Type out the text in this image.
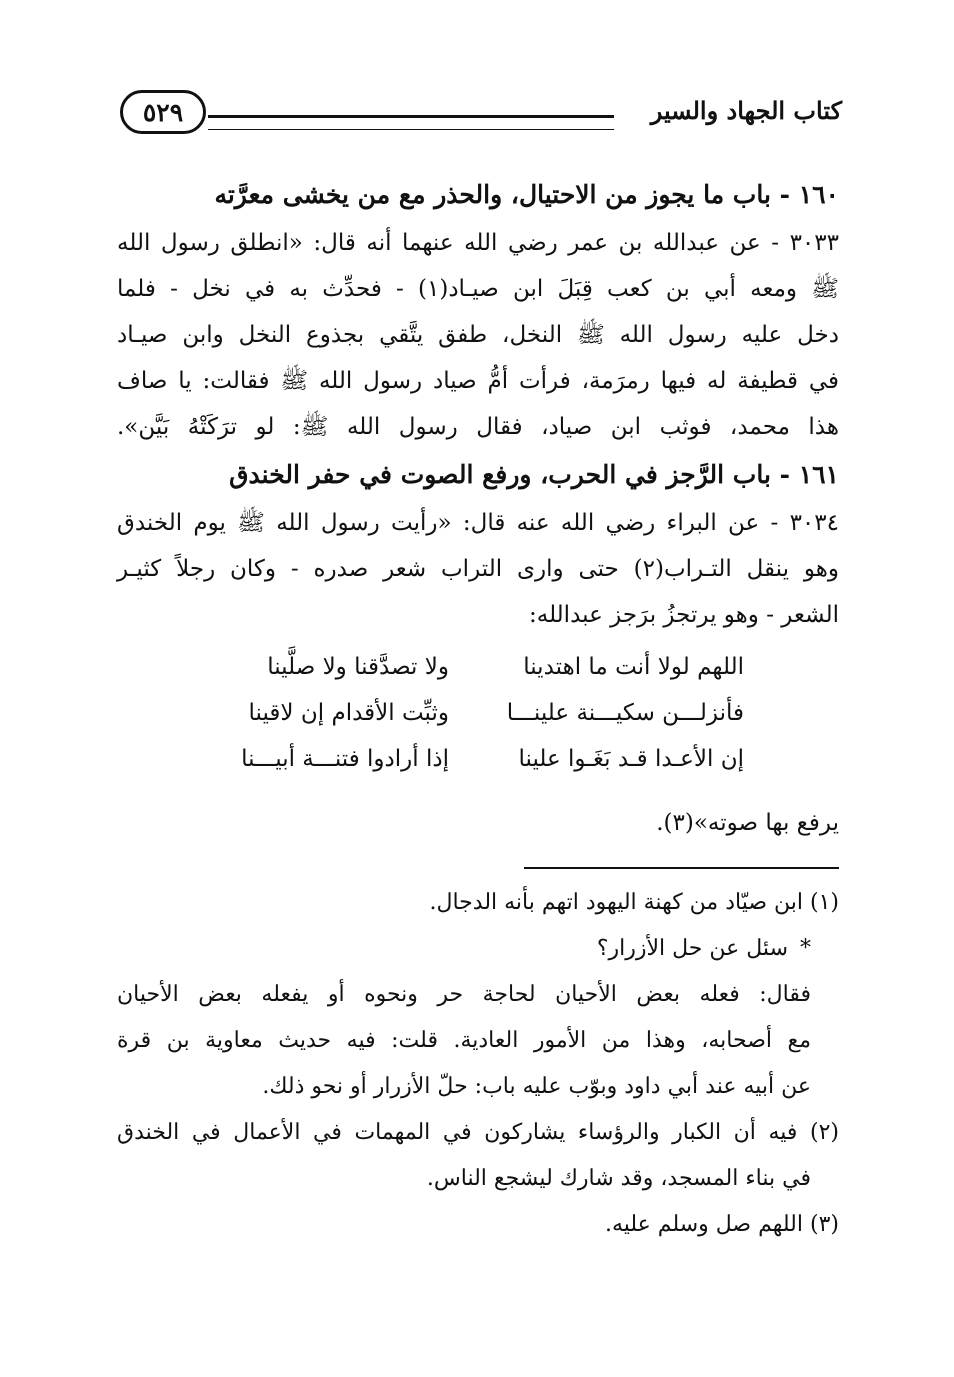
كتاب الجهاد والسير
٥٢٩
١٦٠ - باب ما يجوز من الاحتيال، والحذر مع من يخشى معرَّته
٣٠٣٣ - عن عبدالله بن عمر رضي الله عنهما أنه قال: «انطلق رسول الله
ﷺ ومعه أبي بن كعب قِبَلَ ابن صيـاد(١) - فحدِّث به في نخل - فلما
دخل عليه رسول الله ﷺ النخل، طفق يتَّقي بجذوع النخل وابن صيـاد
في قطيفة له فيها رمرَمة، فرأت أمُّ صياد رسول الله ﷺ فقالت: يا صاف
هذا محمد، فوثب ابن صياد، فقال رسول الله ﷺ: لو ترَكَتْهُ بَيَّن».
١٦١ - باب الرَّجز في الحرب، ورفع الصوت في حفر الخندق
٣٠٣٤ - عن البراء رضي الله عنه قال: «رأيت رسول الله ﷺ يوم الخندق
وهو ينقل التـراب(٢) حتى وارى التراب شعر صدره - وكان رجلاً كثيـر
الشعر - وهو يرتجزُ برَجز عبدالله:
اللهم لولا أنت ما اهتدينا
ولا تصدَّقنا ولا صلَّينا
فأنزلـــن سكيـــنة علينـــا
وثبِّت الأقدام إن لاقينا
إن الأعـدا قـد بَغَـوا علينا
إذا أرادوا فتنـــة أبيـــنا
يرفع بها صوته»(٣).
(١) ابن صيّاد من كهنة اليهود اتهم بأنه الدجال.
*سئل عن حل الأزرار؟
فقال: فعله بعض الأحيان لحاجة حر ونحوه أو يفعله بعض الأحيان
مع أصحابه، وهذا من الأمور العادية. قلت: فيه حديث معاوية بن قرة
عن أبيه عند أبي داود وبوّب عليه باب: حلّ الأزرار أو نحو ذلك.
(٢) فيه أن الكبار والرؤساء يشاركون في المهمات في الأعمال في الخندق
في بناء المسجد، وقد شارك ليشجع الناس.
(٣) اللهم صل وسلم عليه.
